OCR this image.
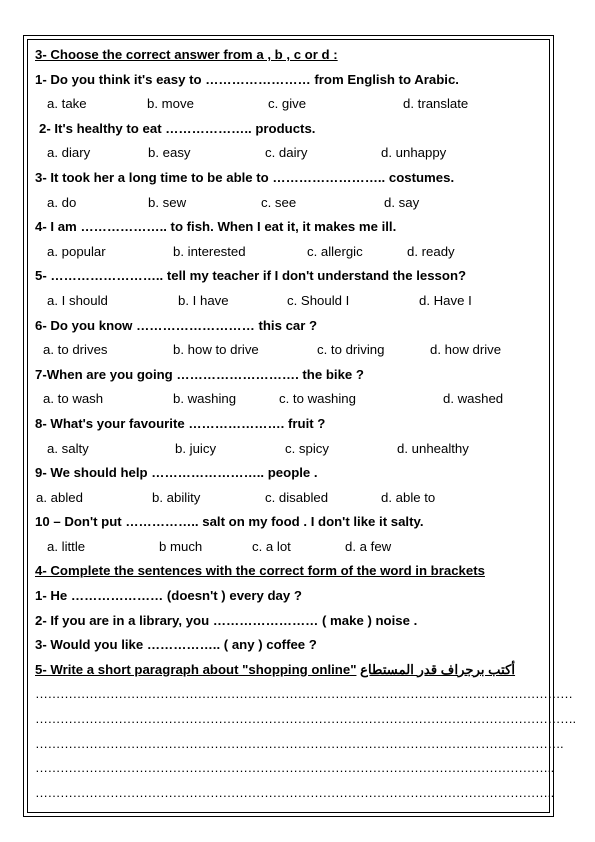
3- Choose the correct answer from a , b , c or d :
1- Do you think it's easy to …………………… from English to Arabic.
a. take	b. move	c. give	d. translate
2- It's healthy to eat ……………….. products.
a. diary	b. easy	c. dairy	d. unhappy
3- It took her a long time to be able to …………………….. costumes.
a. do	b. sew	c. see	d. say
4- I am ……………….. to fish. When I eat it, it makes me ill.
a. popular	b. interested	c. allergic	d. ready
5- …………………….. tell my teacher if I don't understand the lesson?
a. I should	b. I have	c. Should I	d. Have I
6- Do you know ……………………… this car ?
a. to drives	b. how to drive	c. to driving	d. how drive
7-When are you going ………………………. the bike ?
a. to wash	b. washing	c. to washing	d. washed
8- What's your favourite …………………. fruit ?
a. salty	b. juicy	c. spicy	d. unhealthy
9- We should help …………………….. people .
a. abled	b. ability	c. disabled	d. able to
10 – Don't put …………….. salt on my food . I don't like it salty.
a. little	b much	c. a lot	d. a few
4- Complete the sentences with the correct form of the word in brackets
1- He ………………… (doesn't ) every day ?
2- If you are in a library, you …………………… ( make ) noise .
3- Would you like …………….. ( any ) coffee ?
5- Write a short paragraph about "shopping online" أكتب برجراف قدر المستطاع
…………………………………………………………………………………………………………………
………………………………………………………………………………………………………………….
……………………………………………………………………………………………………………….
……………………………………………………………………………………………………………..
……………………………………………………………………………………………………………..
